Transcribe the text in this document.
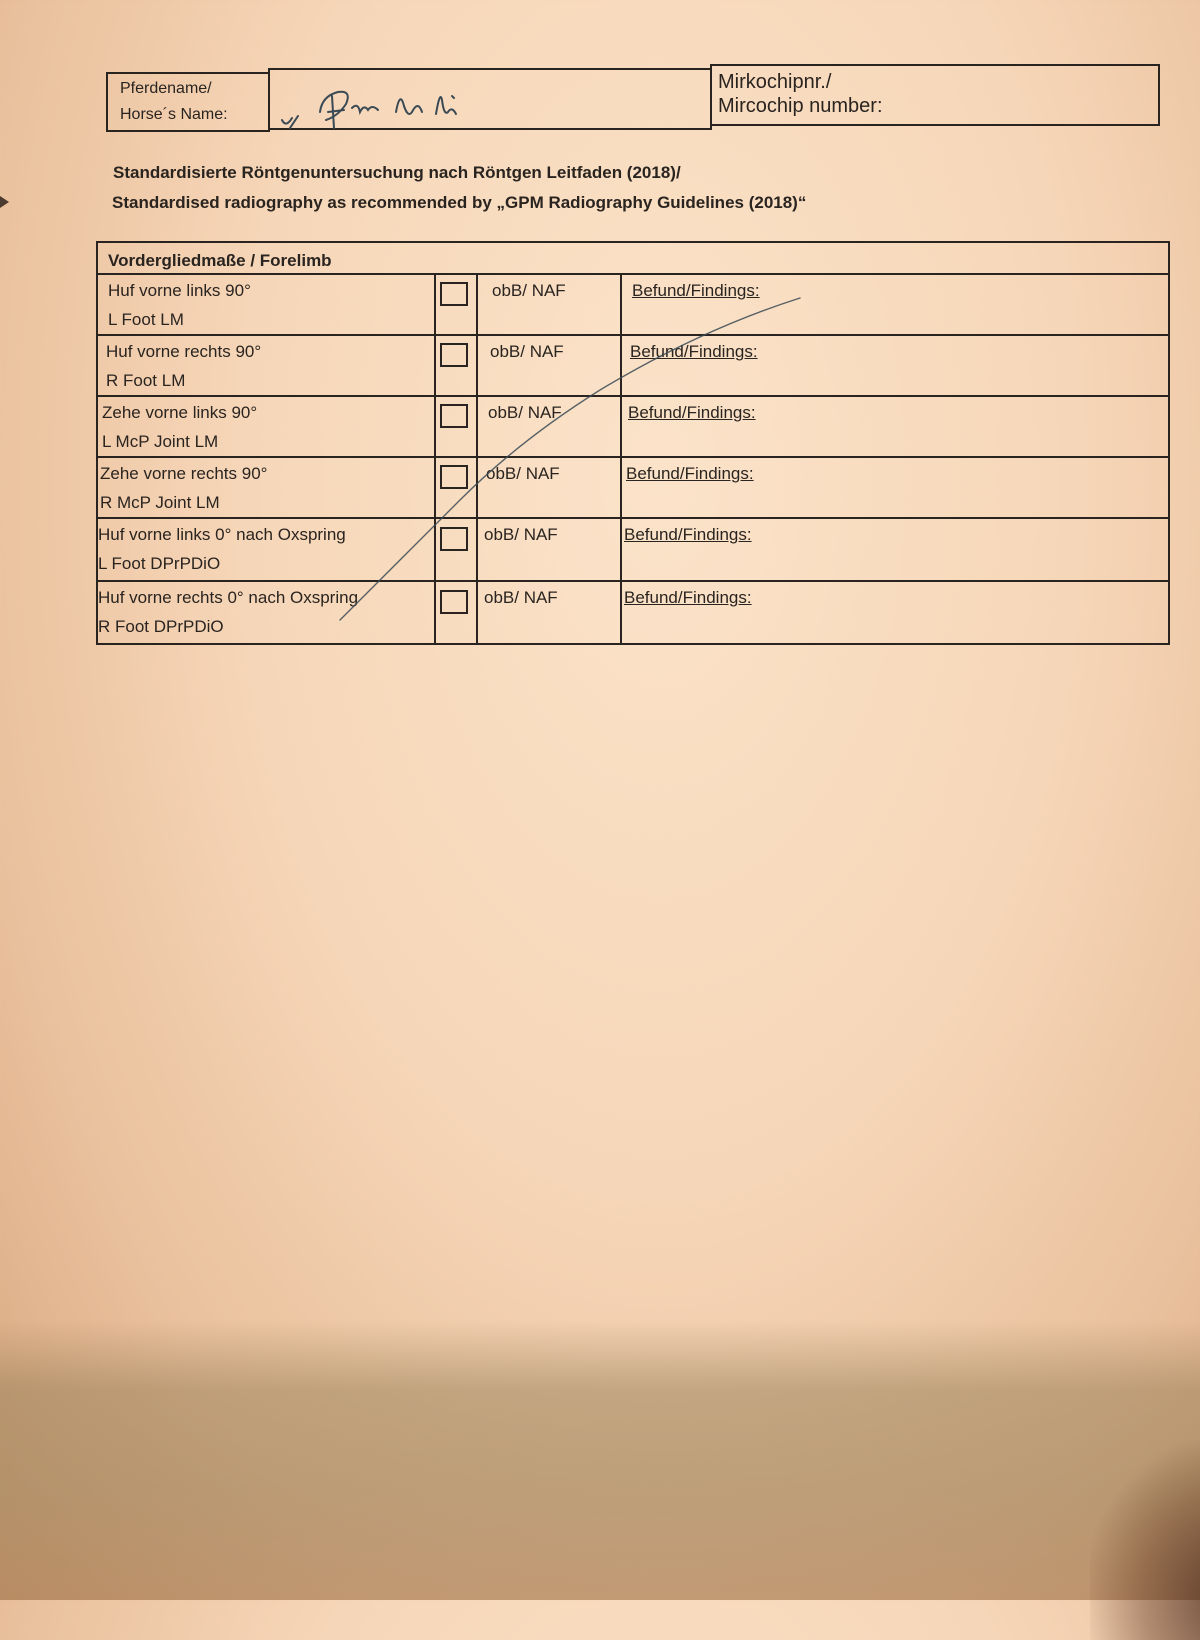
Pferdename/
Horse´s Name:
Mirkochipnr./
Mircochip number:
Standardisierte Röntgenuntersuchung nach Röntgen Leitfaden (2018)/
Standardised radiography as recommended by „GPM Radiography Guidelines (2018)“
Vordergliedmaße / Forelimb
Huf vorne links 90°
L Foot LM
obB/ NAF	Befund/Findings:
Huf vorne rechts 90°
R Foot LM
obB/ NAF	Befund/Findings:
Zehe vorne links 90°
L McP Joint LM
obB/ NAF	Befund/Findings:
Zehe vorne rechts 90°
R McP Joint LM
obB/ NAF	Befund/Findings:
Huf vorne links 0° nach Oxspring
L Foot DPrPDiO
obB/ NAF	Befund/Findings:
Huf vorne rechts 0° nach Oxspring
R Foot DPrPDiO
obB/ NAF	Befund/Findings:
